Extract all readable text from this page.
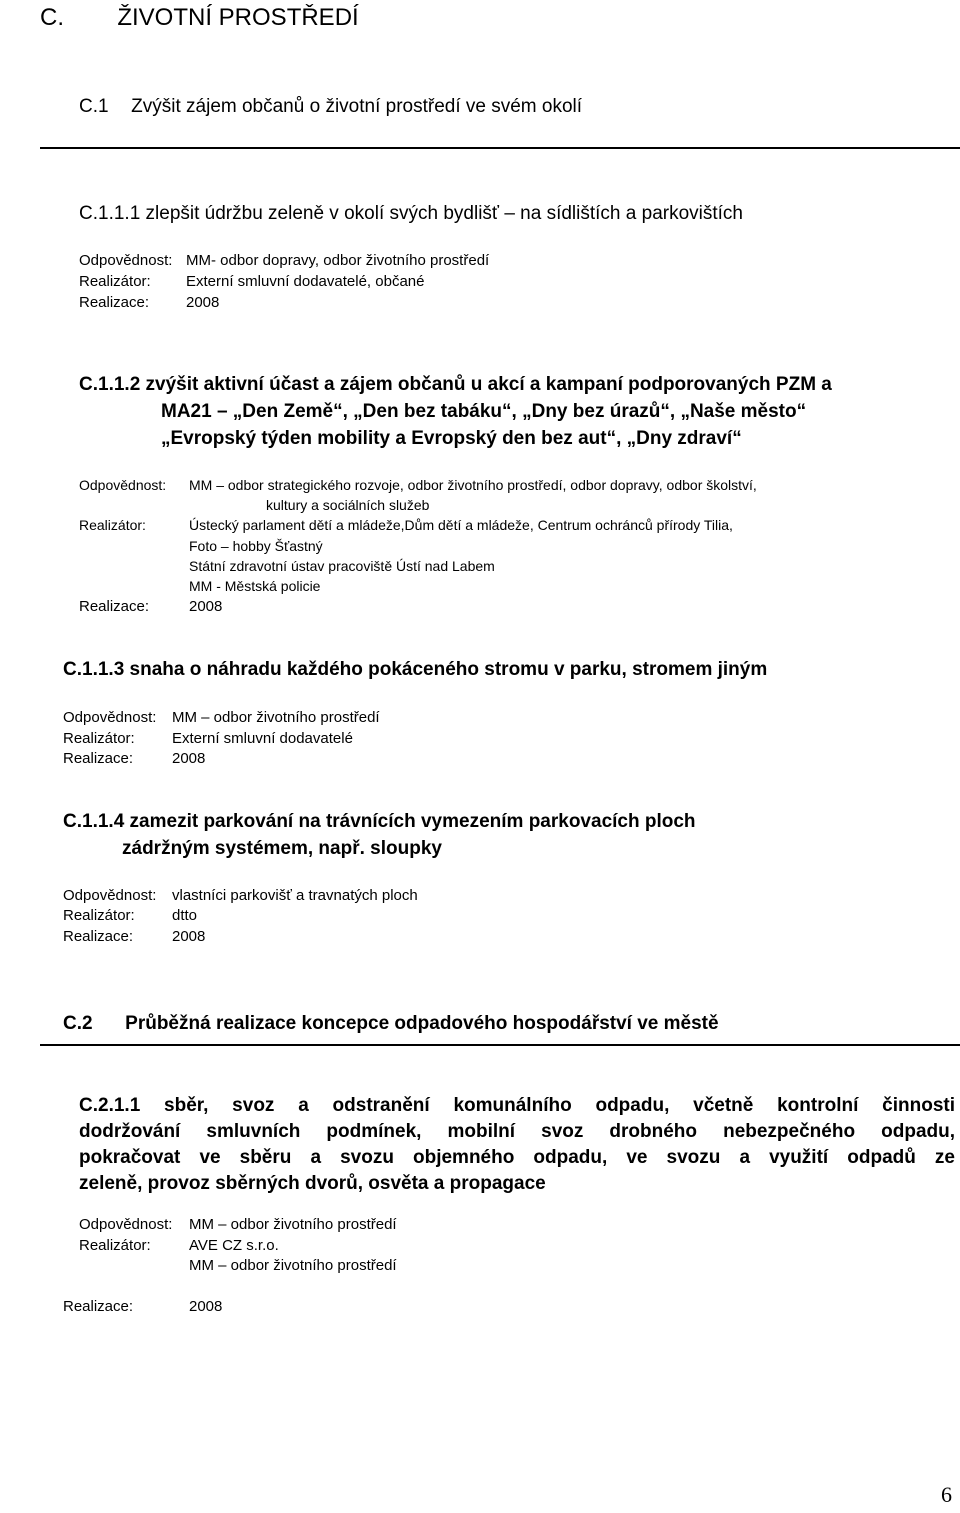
C. ŽIVOTNÍ PROSTŘEDÍ
C.1 Zvýšit zájem občanů o životní prostředí ve svém okolí
C.1.1.1 zlepšit údržbu zeleně v okolí svých bydlišť – na sídlištích a parkovištích
Odpovědnost: MM- odbor dopravy, odbor životního prostředí
Realizátor: Externí smluvní dodavatelé, občané
Realizace: 2008
C.1.1.2 zvýšit aktivní účast a zájem občanů u akcí a kampaní podporovaných PZM a
MA21 – „Den Země“, „Den bez tabáku“, „Dny bez úrazů“, „Naše město“
„Evropský týden mobility a Evropský den bez aut“, „Dny zdraví“
Odpovědnost: MM – odbor strategického rozvoje, odbor životního prostředí, odbor dopravy, odbor školství,
kultury a sociálních služeb
Realizátor:	Ústecký parlament dětí a mládeže,Dům dětí a mládeže, Centrum ochránců přírody Tilia,
Foto – hobby Šťastný
Státní zdravotní ústav pracoviště Ústí nad Labem
MM - Městská policie
Realizace:	2008
C.1.1.3 snaha o náhradu každého pokáceného stromu v parku, stromem jiným
Odpovědnost: MM – odbor životního prostředí
Realizátor: Externí smluvní dodavatelé
Realizace:	2008
C.1.1.4 zamezit parkování na trávnících vymezením parkovacích ploch
zádržným systémem, např. sloupky
Odpovědnost: vlastníci parkovišť a travnatých ploch
Realizátor: dtto
Realizace:	2008
C.2 Průběžná realizace koncepce odpadového hospodářství ve městě
C.2.1.1 sběr, svoz a odstranění komunálního odpadu, včetně kontrolní činnosti
dodržování smluvních podmínek, mobilní svoz drobného nebezpečného odpadu,
pokračovat ve sběru a svozu objemného odpadu, ve svozu a využití odpadů ze
zeleně, provoz sběrných dvorů, osvěta a propagace
Odpovědnost: MM – odbor životního prostředí
Realizátor:	AVE CZ s.r.o.
MM – odbor životního prostředí
Realizace:	2008
6
